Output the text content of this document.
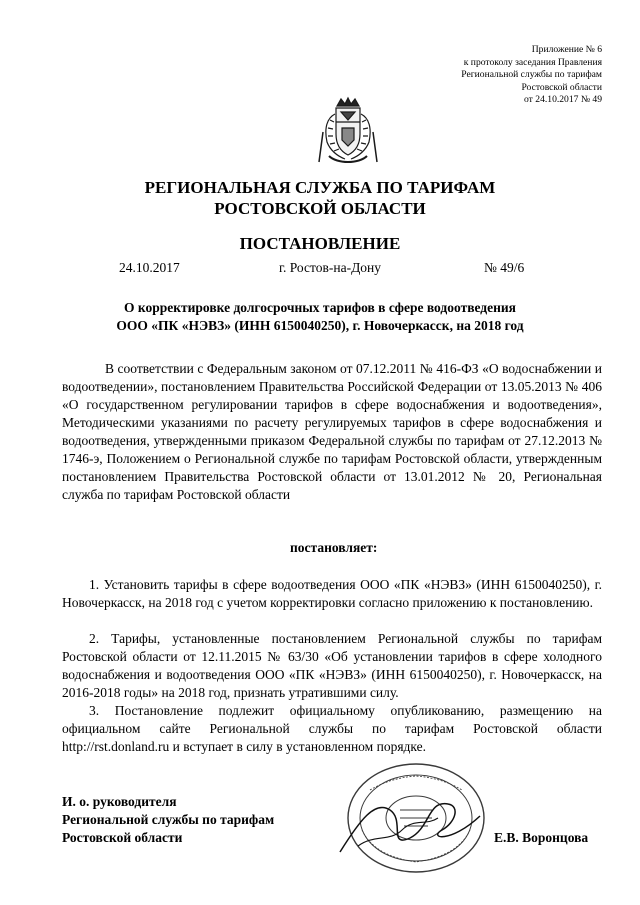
Приложение № 6
к протоколу заседания Правления
Региональной службы по тарифам
Ростовской области
от 24.10.2017 № 49
РЕГИОНАЛЬНАЯ СЛУЖБА ПО ТАРИФАМ
РОСТОВСКОЙ ОБЛАСТИ
ПОСТАНОВЛЕНИЕ
24.10.2017	г. Ростов-на-Дону	№ 49/6
О корректировке долгосрочных тарифов в сфере водоотведения
ООО «ПК «НЭВЗ» (ИНН 6150040250), г. Новочеркасск, на 2018 год

В соответствии с Федеральным законом от 07.12.2011 № 416-ФЗ «О водоснабжении и водоотведении», постановлением Правительства Российской Федерации от 13.05.2013 № 406 «О государственном регулировании тарифов в сфере водоснабжения и водоотведения», Методическими указаниями по расчету регулируемых тарифов в сфере водоснабжения и водоотведения, утвержденными приказом Федеральной службы по тарифам от 27.12.2013 № 1746-э, Положением о Региональной службе по тарифам Ростовской области, утвержденным постановлением Правительства Ростовской области от 13.01.2012 № 20, Региональная служба по тарифам Ростовской области

постановляет:

1. Установить тарифы в сфере водоотведения ООО «ПК «НЭВЗ» (ИНН 6150040250), г. Новочеркасск, на 2018 год с учетом корректировки согласно приложению к постановлению.

2. Тарифы, установленные постановлением Региональной службы по тарифам Ростовской области от 12.11.2015 № 63/30 «Об установлении тарифов в сфере холодного водоснабжения и водоотведения ООО «ПК «НЭВЗ» (ИНН 6150040250), г. Новочеркасск, на 2016-2018 годы» на 2018 год, признать утратившими силу.

3. Постановление подлежит официальному опубликованию, размещению на официальном сайте Региональной службы по тарифам Ростовской области http://rst.donland.ru и вступает в силу в установленном порядке.

И. о. руководителя
Региональной службы по тарифам
Ростовской области	Е.В. Воронцова
